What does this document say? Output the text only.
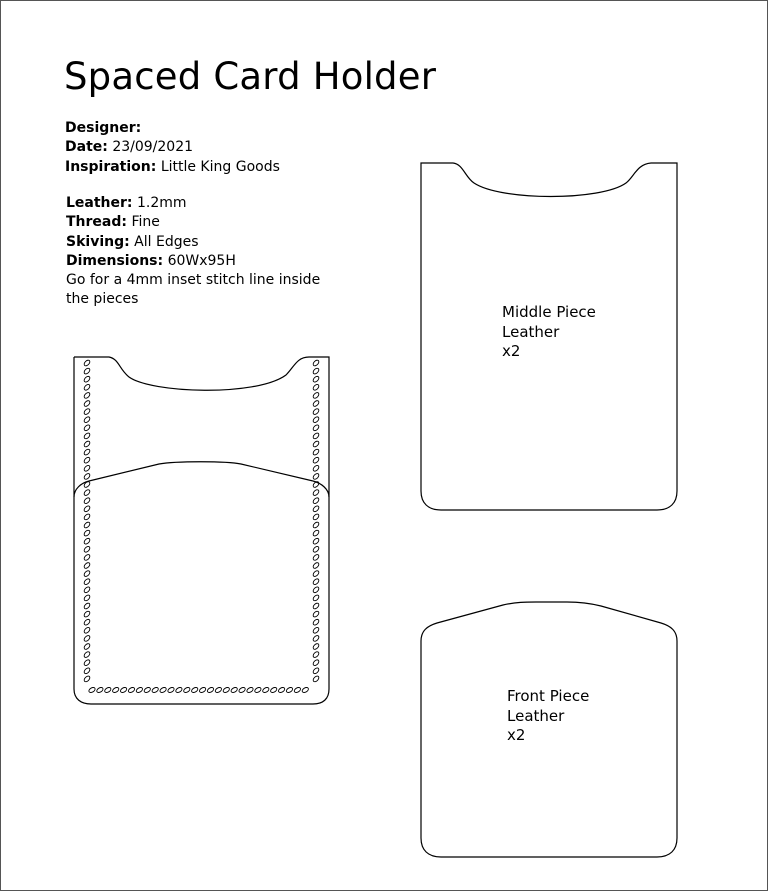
Spaced Card Holder
Designer:
Date: 23/09/2021
Inspiration: Little King Goods
Leather: 1.2mm
Thread: Fine
Skiving: All Edges
Dimensions: 60Wx95H
Go for a 4mm inset stitch line inside the pieces
Middle Piece
Leather
x2
Front Piece
Leather
x2
